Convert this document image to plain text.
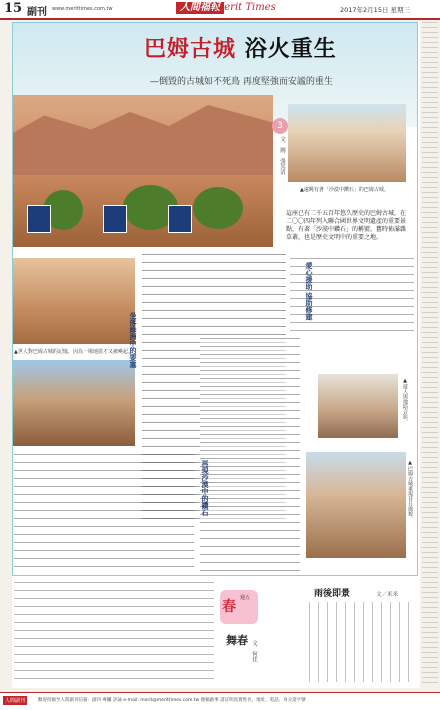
15 副刊 www.merittimes.com.tw	人間福報
Merit Times	2017年2月15日 星期三
巴姆古城 浴火重生
—倒毀的古城如不死鳥 再度堅強而安謐的重生
3
文．圖．張其清
▲遠眺有著「沙漠中鑽石」的巴姆古城。
這座已有二千五百年悠久歷史的巴姆古城，在二〇〇四年列入聯合國世界文明遺產的重要景點，有著「沙漠中鑽石」的稱號。舊時佈滿雜草叢，也是歷史文明中的重要之地。
▲世人對巴姆古城的記憶，因為一場地震才又被喚起。
愛心援助 協助修建
坐落綠洲中的要塞
再現沙漠中的鑽石
▲遊人與地陪合影。
▲巴姆古城重現昔日風貌。
春
週五
舞春 文．何佳
雨後即景	文／米米
人間副刊	歡迎投稿至人間副刊信箱：副刊 專欄 評論 e-mail: merit@merittimes.com.tw 徵稿啟事 請註明真實姓名、地址、電話、身分證字號
